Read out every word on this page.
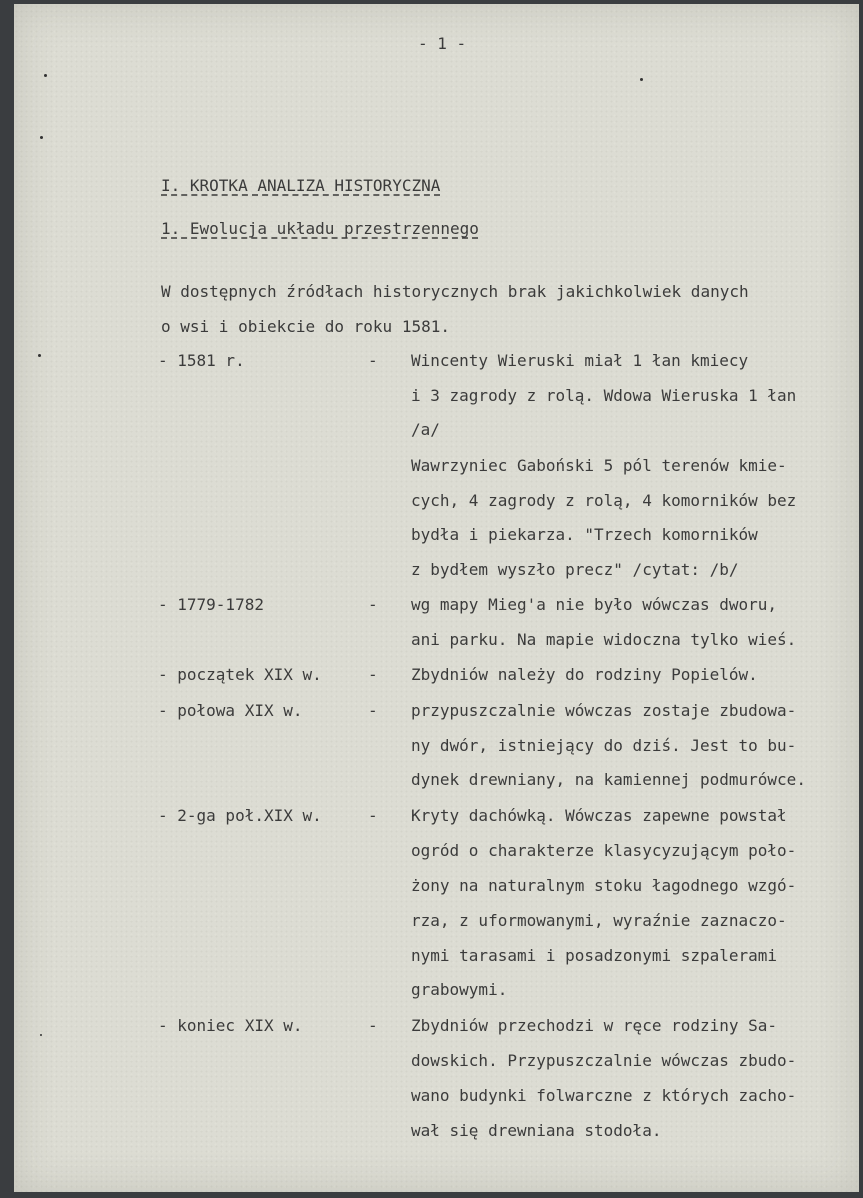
- 1 -
I. KROTKA ANALIZA HISTORYCZNA
1. Ewolucja układu przestrzennego
W dostępnych źródłach historycznych brak jakichkolwiek danych
o wsi i obiekcie do roku 1581.
- 1581 r.	- Wincenty Wieruski miał 1 łan kmiecy
i 3 zagrody z rolą. Wdowa Wieruska 1 łan
/a/
Wawrzyniec Gaboński 5 pól terenów kmie-
cych, 4 zagrody z rolą, 4 komorników bez
bydła i piekarza. "Trzech komorników
z bydłem wyszło precz" /cytat: /b/
- 1779-1782	- wg mapy Mieg'a nie było wówczas dworu,
ani parku. Na mapie widoczna tylko wieś.
- początek XIX w.	- Zbydniów należy do rodziny Popielów.
- połowa XIX w.	- przypuszczalnie wówczas zostaje zbudowa-
ny dwór, istniejący do dziś. Jest to bu-
dynek drewniany, na kamiennej podmurówce.
- 2-ga poł.XIX w.	- Kryty dachówką. Wówczas zapewne powstał
ogród o charakterze klasycyzującym poło-
żony na naturalnym stoku łagodnego wzgó-
rza, z uformowanymi, wyraźnie zaznaczo-
nymi tarasami i posadzonymi szpalerami
grabowymi.
- koniec XIX w.	- Zbydniów przechodzi w ręce rodziny Sa-
dowskich. Przypuszczalnie wówczas zbudo-
wano budynki folwarczne z których zacho-
wał się drewniana stodoła.
